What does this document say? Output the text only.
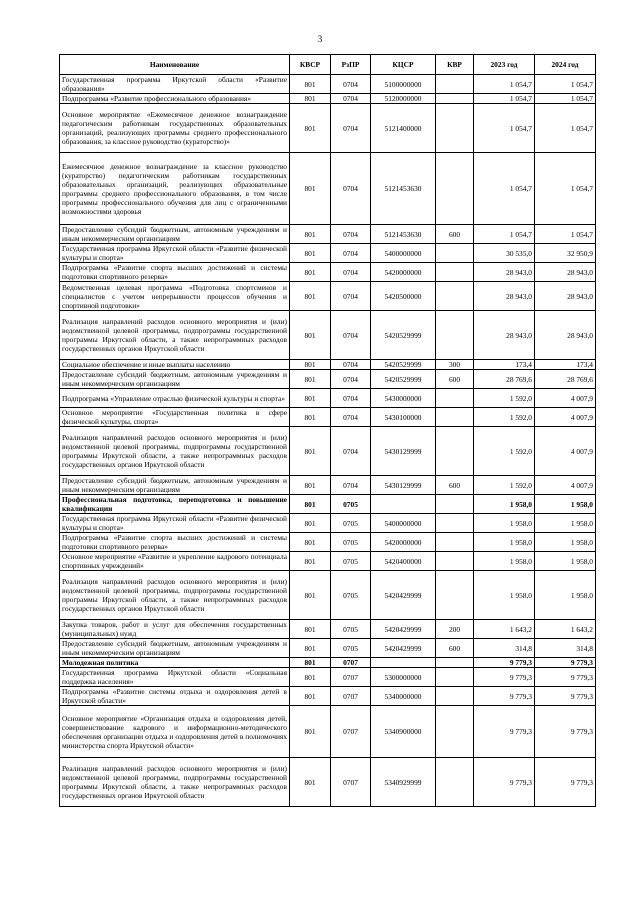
3
Наименование	КВСР	РзПР	КЦСР	КВР	2023 год	2024 год
Государственная программа Иркутской области «Развитие образования»	801	0704	5100000000		1 054,7	1 054,7
Подпрограмма «Развитие профессионального образования»	801	0704	5120000000		1 054,7	1 054,7
Основное мероприятие «Ежемесячное денежное вознаграждение педагогическим работникам государственных образовательных организаций, реализующих программы среднего профессионального образования, за классное руководство (кураторство)»	801	0704	5121400000		1 054,7	1 054,7
Ежемесячное денежное вознаграждение за классное руководство (кураторство) педагогическим работникам государственных образовательных организаций, реализующих образовательные программы среднего профессионального образования, в том числе программы профессионального обучения для лиц с ограниченными возможностями здоровья	801	0704	5121453630		1 054,7	1 054,7
Предоставление субсидий бюджетным, автономным учреждениям и иным некоммерческим организациям	801	0704	5121453630	600	1 054,7	1 054,7
Государственная программа Иркутской области «Развитие физической культуры и спорта»	801	0704	5400000000		30 535,0	32 950,9
Подпрограмма «Развитие спорта высших достижений и системы подготовки спортивного резерва»	801	0704	5420000000		28 943,0	28 943,0
Ведомственная целевая программа «Подготовка спортсменов и специалистов с учетом непрерывности процессов обучения и спортивной подготовки»	801	0704	5420500000		28 943,0	28 943,0
Реализация направлений расходов основного мероприятия и (или) ведомственной целевой программы, подпрограммы государственной программы Иркутской области, а также непрограммных расходов государственных органов Иркутской области	801	0704	5420529999		28 943,0	28 943,0
Социальное обеспечение и иные выплаты населению	801	0704	5420529999	300	173,4	173,4
Предоставление субсидий бюджетным, автономным учреждениям и иным некоммерческим организациям	801	0704	5420529999	600	28 769,6	28 769,6
Подпрограмма «Управление отраслью физической культуры и спорта»	801	0704	5430000000		1 592,0	4 007,9
Основное мероприятие «Государственная политика в сфере физической культуры, спорта»	801	0704	5430100000		1 592,0	4 007,9
Реализация направлений расходов основного мероприятия и (или) ведомственной целевой программы, подпрограммы государственной программы Иркутской области, а также непрограммных расходов государственных органов Иркутской области	801	0704	5430129999		1 592,0	4 007,9
Предоставление субсидий бюджетным, автономным учреждениям и иным некоммерческим организациям	801	0704	5430129999	600	1 592,0	4 007,9
Профессиональная подготовка, переподготовка и повышение квалификации	801	0705			1 958,0	1 958,0
Государственная программа Иркутской области «Развитие физической культуры и спорта»	801	0705	5400000000		1 958,0	1 958,0
Подпрограмма «Развитие спорта высших достижений и системы подготовки спортивного резерва»	801	0705	5420000000		1 958,0	1 958,0
Основное мероприятие «Развитие и укрепление кадрового потенциала спортивных учреждений»	801	0705	5420400000		1 958,0	1 958,0
Реализация направлений расходов основного мероприятия и (или) ведомственной целевой программы, подпрограммы государственной программы Иркутской области, а также непрограммных расходов государственных органов Иркутской области	801	0705	5420429999		1 958,0	1 958,0
Закупка товаров, работ и услуг для обеспечения государственных (муниципальных) нужд	801	0705	5420429999	200	1 643,2	1 643,2
Предоставление субсидий бюджетным, автономным учреждениям и иным некоммерческим организациям	801	0705	5420429999	600	314,8	314,8
Молодежная политика	801	0707			9 779,3	9 779,3
Государственная программа Иркутской области «Социальная поддержка населения»	801	0707	5300000000		9 779,3	9 779,3
Подпрограмма «Развитие системы отдыха и оздоровления детей в Иркутской области»	801	0707	5340000000		9 779,3	9 779,3
Основное мероприятие «Организация отдыха и оздоровления детей, совершенствование кадрового и информационно-методического обеспечения организации отдыха и оздоровления детей в полномочиях министерства спорта Иркутской области»	801	0707	5340900000		9 779,3	9 779,3
Реализация направлений расходов основного мероприятия и (или) ведомственной целевой программы, подпрограммы государственной программы Иркутской области, а также непрограммных расходов государственных органов Иркутской области	801	0707	5340929999		9 779,3	9 779,3
